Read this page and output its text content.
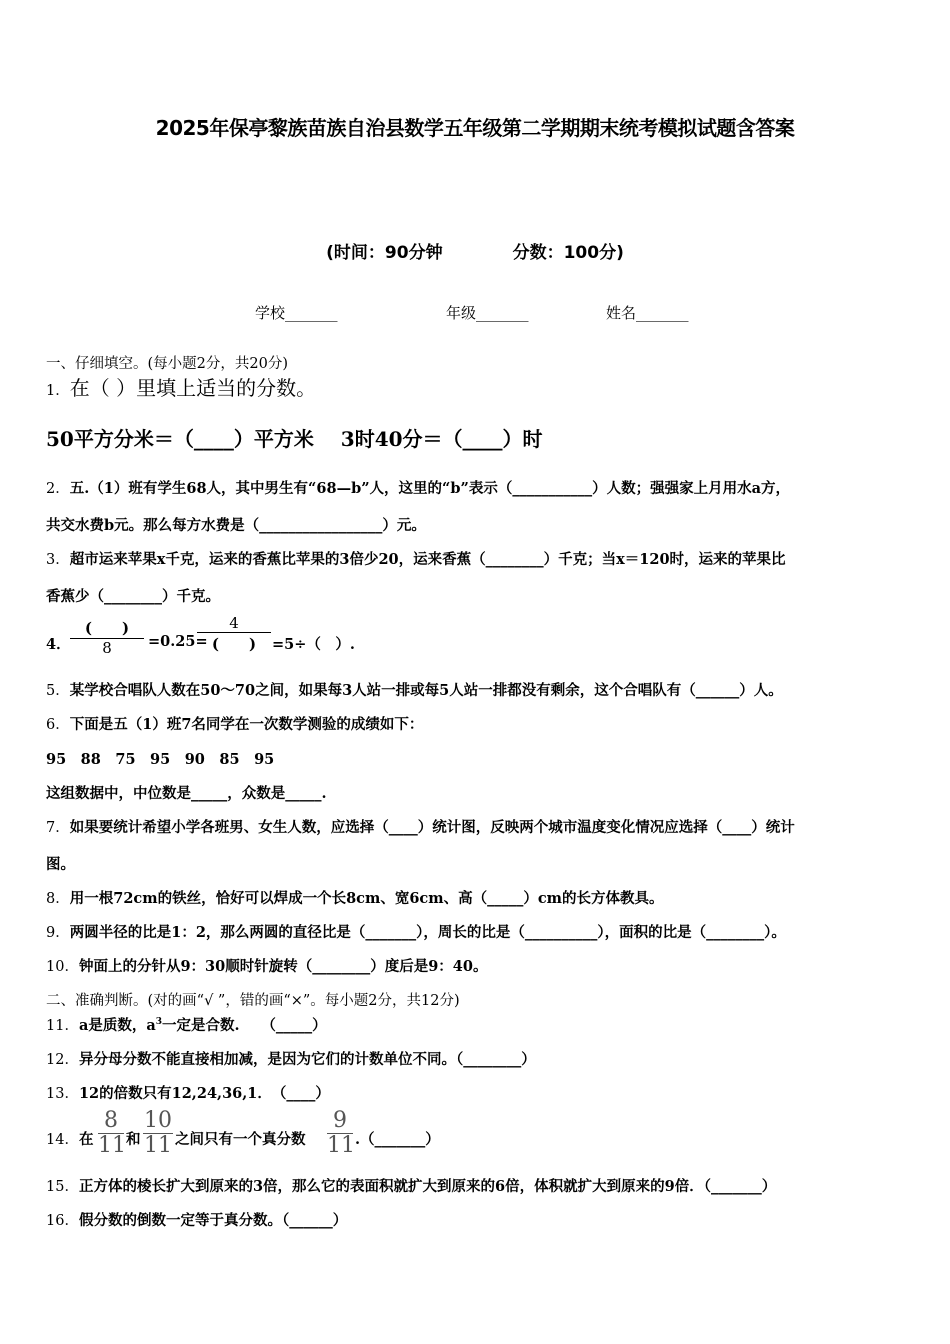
2025年保亭黎族苗族自治县数学五年级第二学期期末统考模拟试题含答案
(时间：90分钟	分数：100分)
学校_______	年级_______	姓名_______
一、仔细填空。(每小题2分，共20分)
1．在（ ）里填上适当的分数。
50平方分米＝（____）平方米　 3时40分＝（____）时
2．五.（1）班有学生68人，其中男生有“68—b”人，这里的“b”表示（___________）人数；强强家上月用水a方，
共交水费b元。那么每方水费是（_________________）元。
3．超市运来苹果x千克，运来的香蕉比苹果的3倍少20，运来香蕉（________）千克；当x＝120时，运来的苹果比
香蕉少（________）千克。
4．
(　　)
8	=0.25=
4
(　　)	=5÷（　）.
5．某学校合唱队人数在50～70之间，如果每3人站一排或每5人站一排都没有剩余，这个合唱队有（______）人。
6．下面是五（1）班7名同学在一次数学测验的成绩如下：
95　88　75　95　90　85　95
这组数据中，中位数是_____，众数是_____.
7．如果要统计希望小学各班男、女生人数，应选择（____）统计图，反映两个城市温度变化情况应选择（____）统计
图。
8．用一根72cm的铁丝，恰好可以焊成一个长8cm、宽6cm、高（_____）cm的长方体教具。
9．两圆半径的比是1：2，那么两圆的直径比是（_______），周长的比是（__________），面积的比是（________）。
10．钟面上的分针从9：30顺时针旋转（________）度后是9：40。
二、准确判断。(对的画“√ ”，错的画“×”。每小题2分，共12分)
11．a是质数，$a^3$一定是合数.　　（_____）
12．异分母分数不能直接相加减，是因为它们的计数单位不同。（________）
13．12的倍数只有12,24,36,1．　（____）
14．在
8
11 和
10
11 之间只有一个真分数
9
11 .（_______）
15．正方体的棱长扩大到原来的3倍，那么它的表面积就扩大到原来的6倍，体积就扩大到原来的9倍．（_______）
16．假分数的倒数一定等于真分数。（______）
